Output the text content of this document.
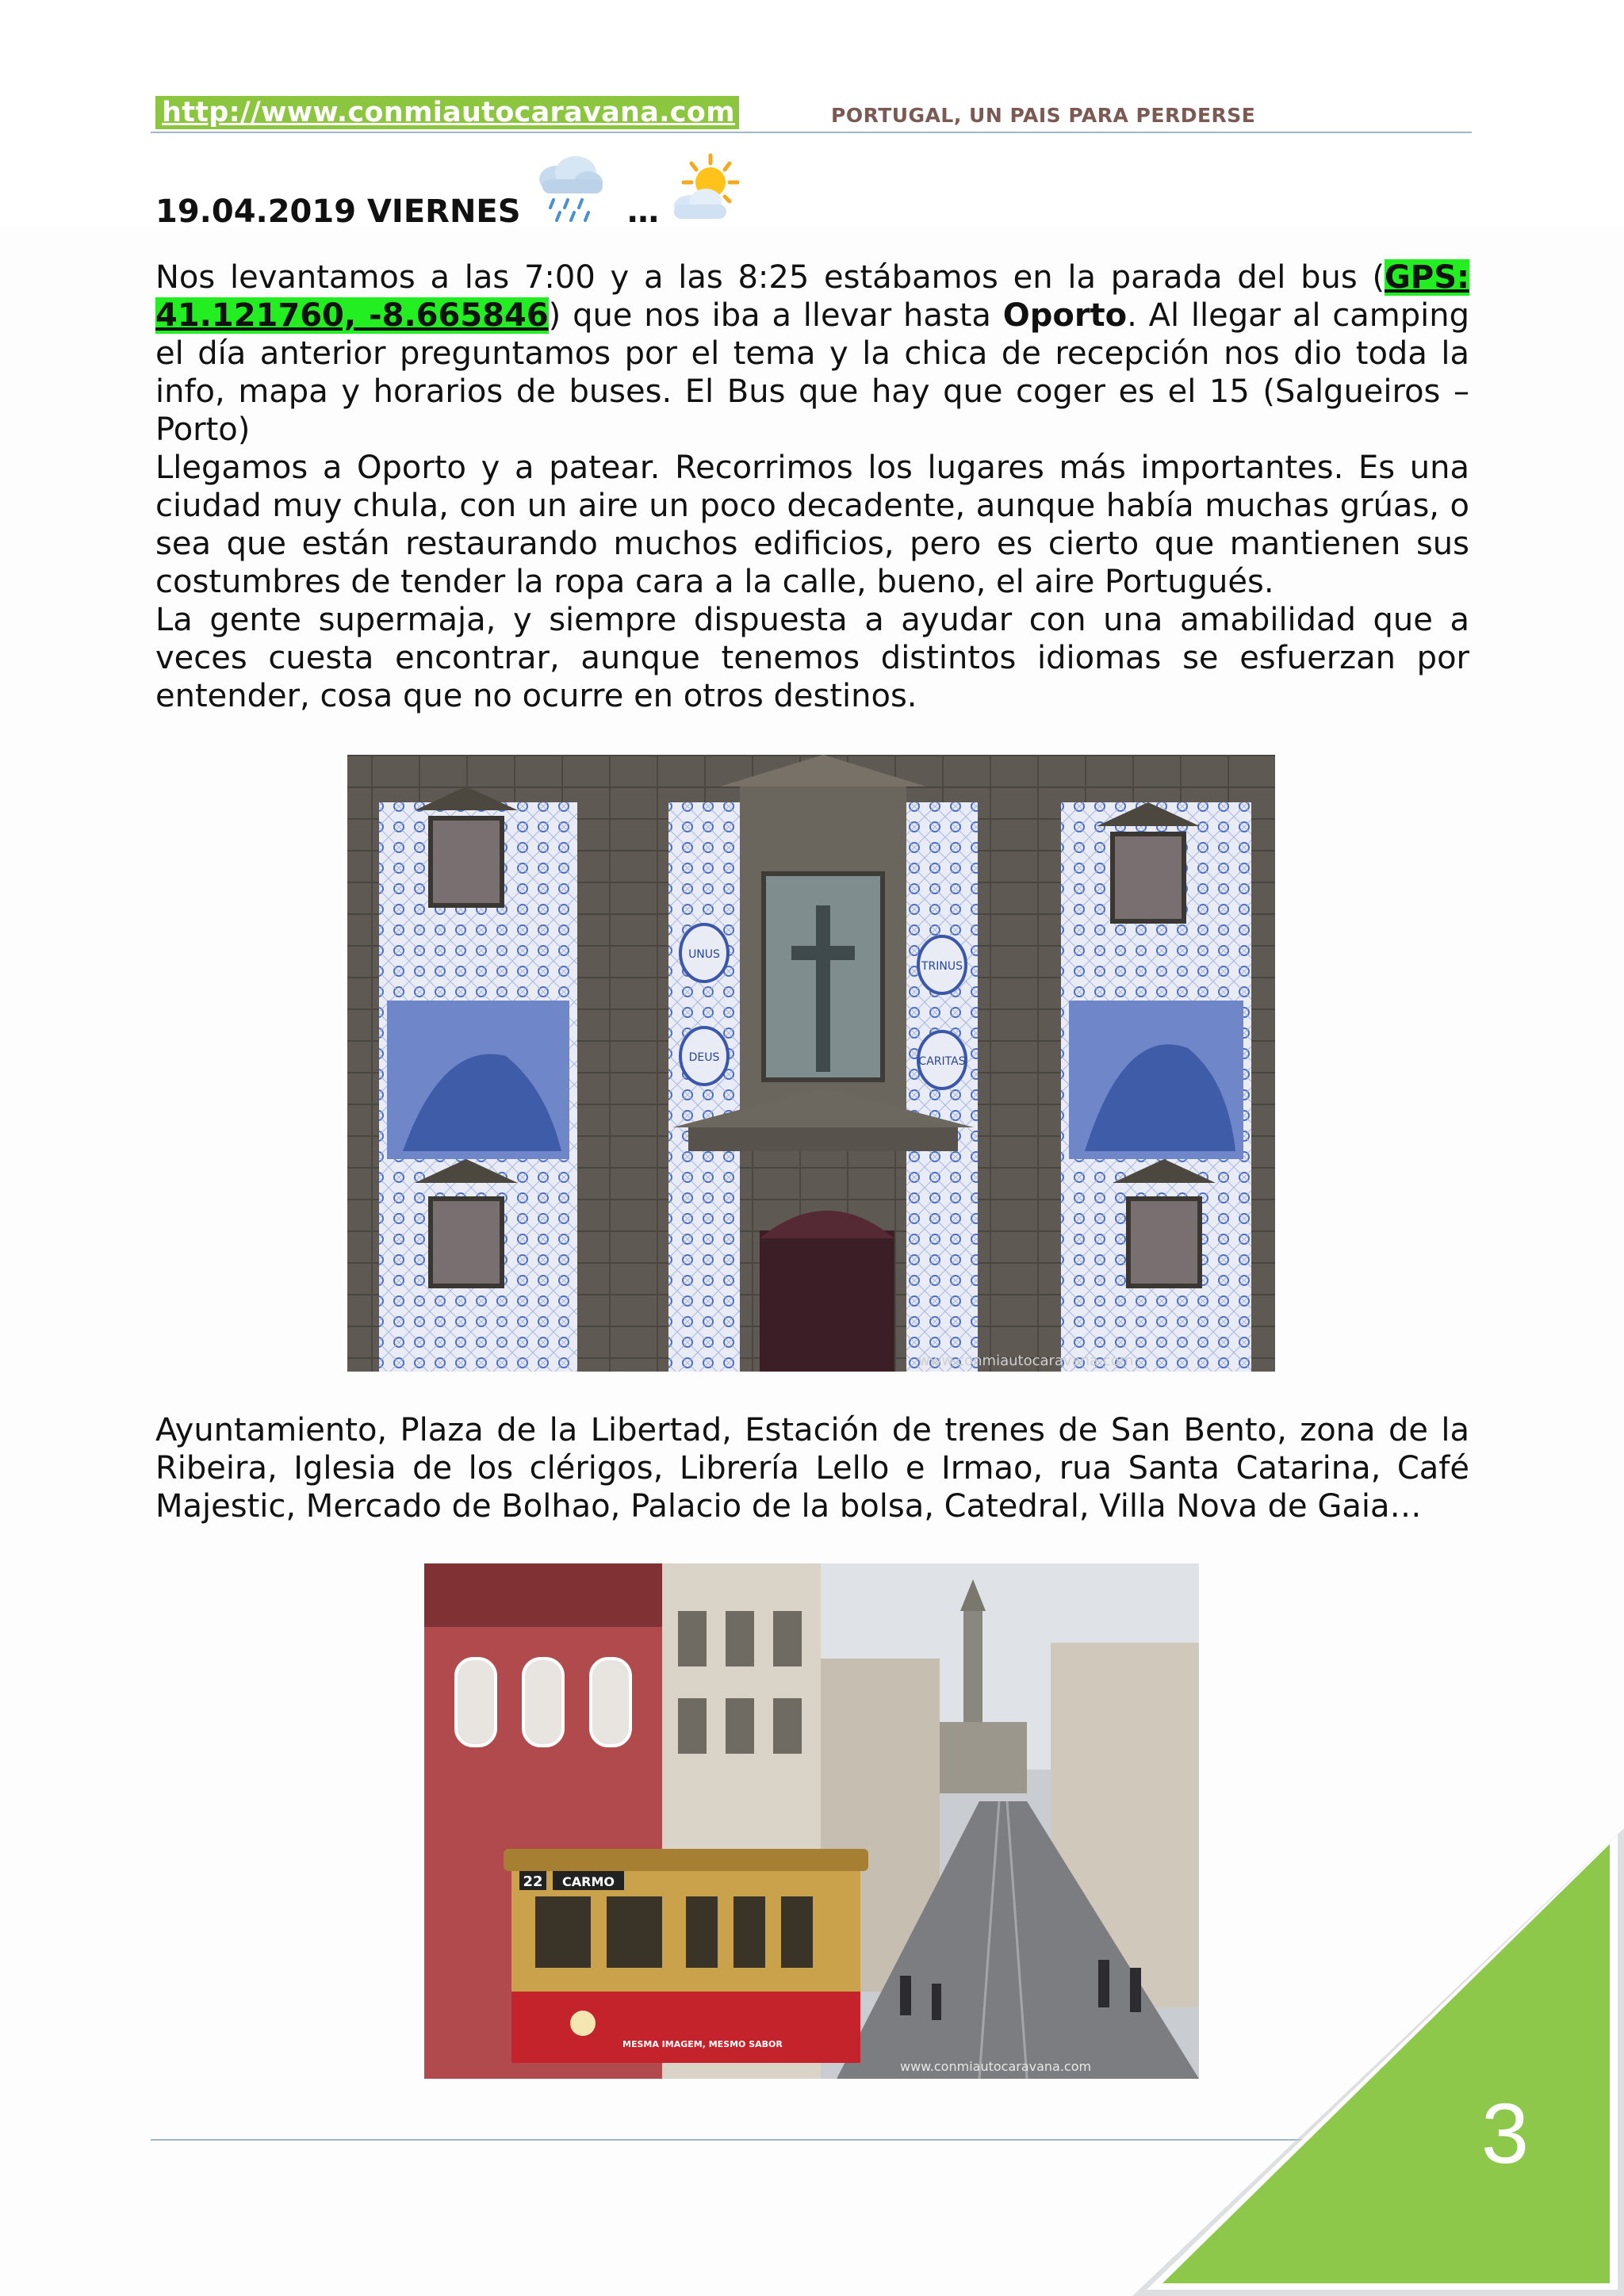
http://www.conmiautocaravana.com	PORTUGAL, UN PAIS PARA PERDERSE
19.04.2019 VIERNES	…

Nos levantamos a las 7:00 y a las 8:25 estábamos en la parada del bus (GPS: 41.121760, -8.665846) que nos iba a llevar hasta Oporto. Al llegar al camping el día anterior preguntamos por el tema y la chica de recepción nos dio toda la info, mapa y horarios de buses. El Bus que hay que coger es el 15 (Salgueiros – Porto)

Llegamos a Oporto y a patear. Recorrimos los lugares más importantes. Es una ciudad muy chula, con un aire un poco decadente, aunque había muchas grúas, o sea que están restaurando muchos edificios, pero es cierto que mantienen sus costumbres de tender la ropa cara a la calle, bueno, el aire Portugués.

La gente supermaja, y siempre dispuesta a ayudar con una amabilidad que a veces cuesta encontrar, aunque tenemos distintos idiomas se esfuerzan por entender, cosa que no ocurre en otros destinos.

UNUS
DEUS
TRINUS
CARITAS
www.conmiautocaravana.com

Ayuntamiento, Plaza de la Libertad, Estación de trenes de San Bento, zona de la Ribeira, Iglesia de los clérigos, Librería Lello e Irmao, rua Santa Catarina, Café Majestic, Mercado de Bolhao, Palacio de la bolsa, Catedral, Villa Nova de Gaia…

22 CARMO
MESMA IMAGEM, MESMO SABOR
www.conmiautocaravana.com
3
